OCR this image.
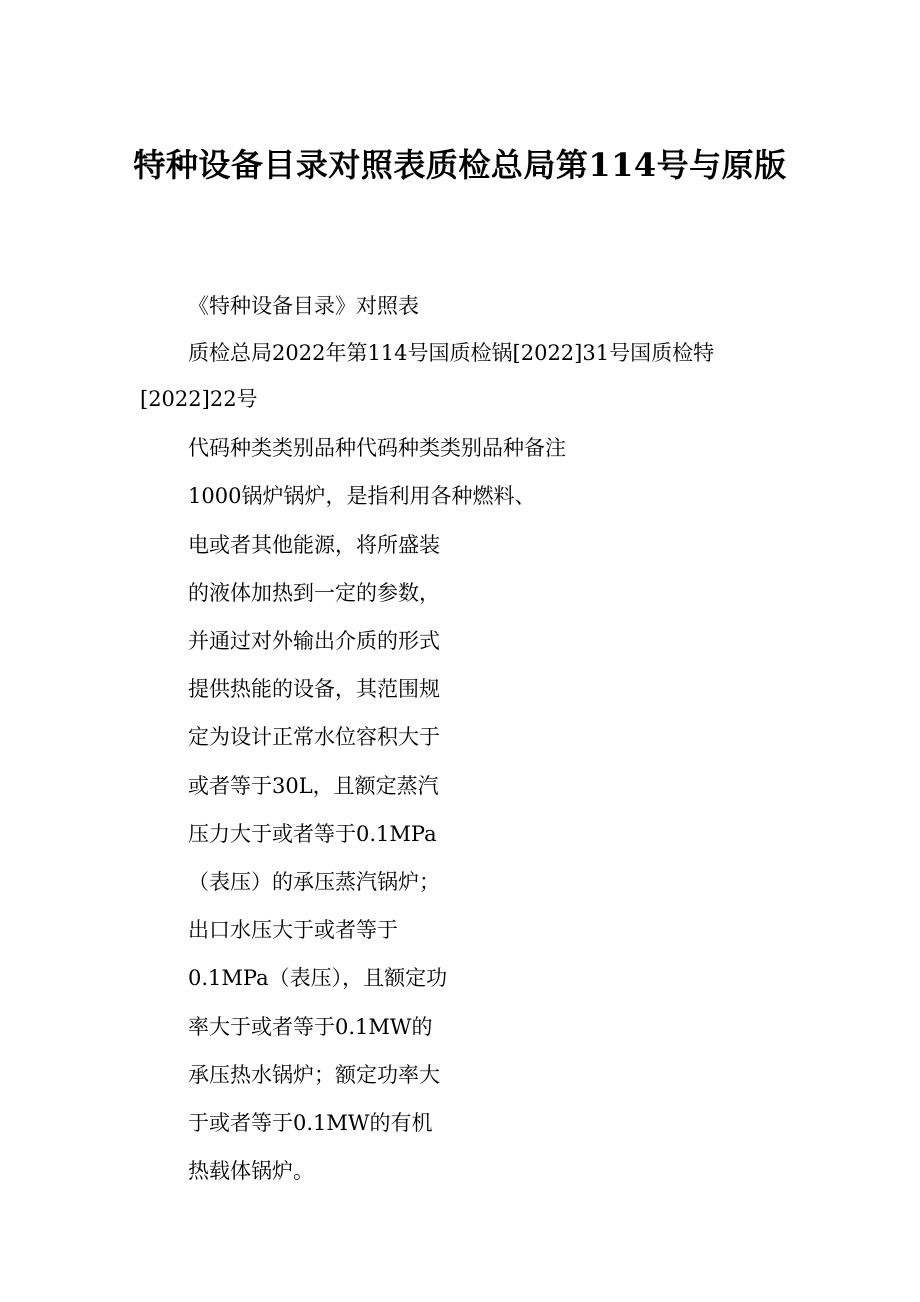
特种设备目录对照表质检总局第114号与原版

《特种设备目录》对照表

质检总局2022年第114号国质检锅[2022]31号国质检特[2022]22号

代码种类类别品种代码种类类别品种备注

1000锅炉锅炉，是指利用各种燃料、

电或者其他能源，将所盛装

的液体加热到一定的参数，

并通过对外输出介质的形式

提供热能的设备，其范围规

定为设计正常水位容积大于

或者等于30L，且额定蒸汽

压力大于或者等于0.1MPa

（表压）的承压蒸汽锅炉；

出口水压大于或者等于

0.1MPa（表压），且额定功

率大于或者等于0.1MW的

承压热水锅炉；额定功率大

于或者等于0.1MW的有机

热载体锅炉。
